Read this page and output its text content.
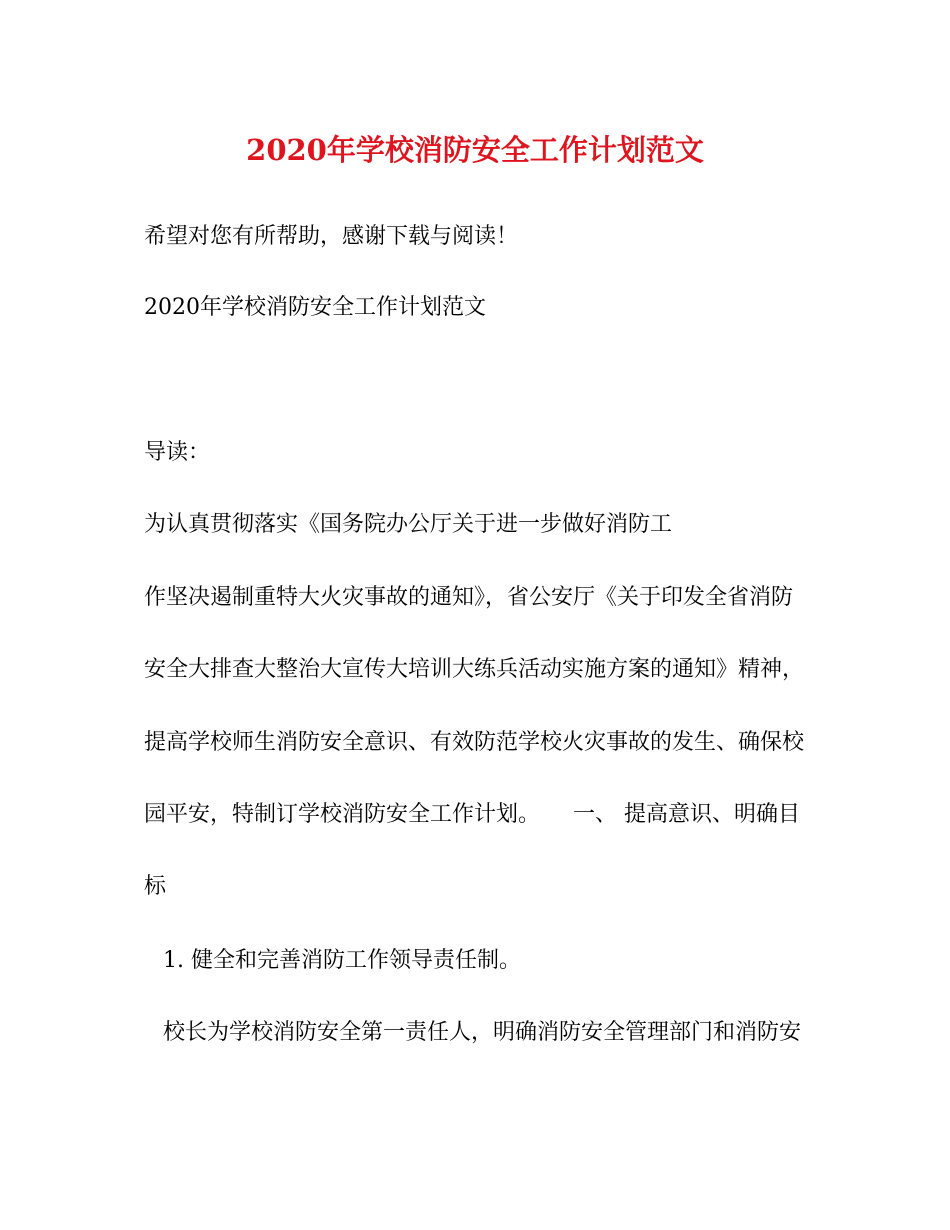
2020年学校消防安全工作计划范文
希望对您有所帮助，感谢下载与阅读！
2020年学校消防安全工作计划范文
导读：
为认真贯彻落实《国务院办公厅关于进一步做好消防工
作坚决遏制重特大火灾事故的通知》，省公安厅《关于印发全省消防
安全大排查大整治大宣传大培训大练兵活动实施方案的通知》精神，
提高学校师生消防安全意识、有效防范学校火灾事故的发生、确保校
园平安，特制订学校消防安全工作计划。　　一、 提高意识、明确目
标
1. 健全和完善消防工作领导责任制。
校长为学校消防安全第一责任人，明确消防安全管理部门和消防安
